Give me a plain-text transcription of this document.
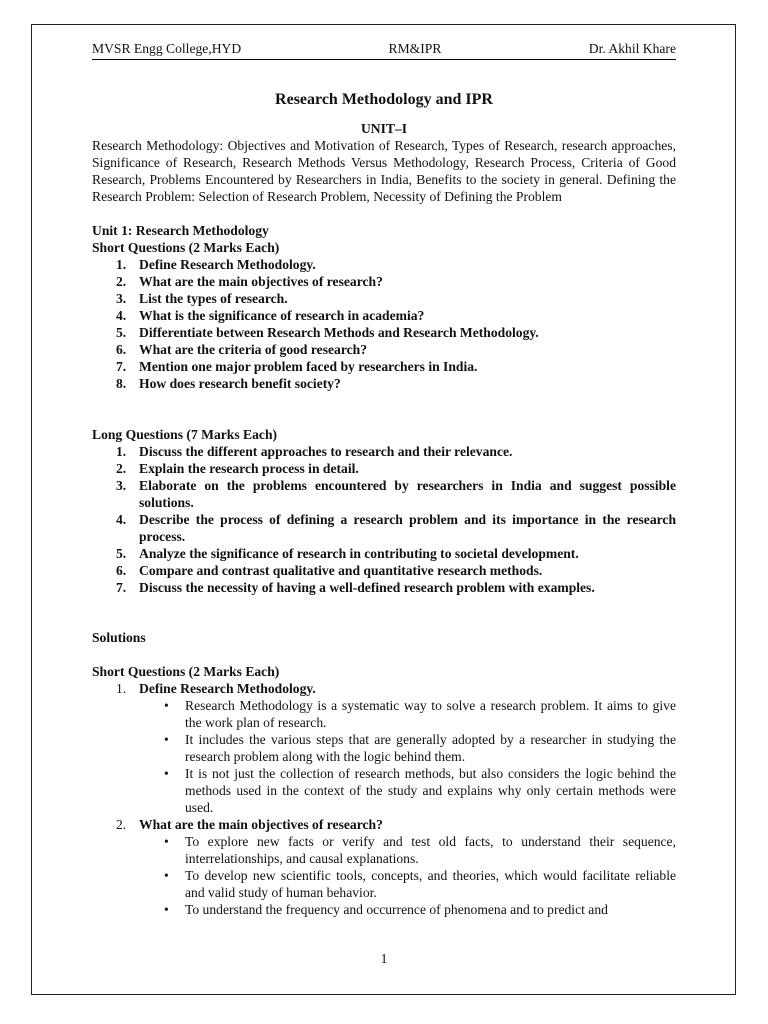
MVSR Engg College,HYD	RM&IPR	Dr. Akhil Khare
Research Methodology and IPR
UNIT–I
Research Methodology: Objectives and Motivation of Research, Types of Research, research approaches, Significance of Research, Research Methods Versus Methodology, Research Process, Criteria of Good Research, Problems Encountered by Researchers in India, Benefits to the society in general. Defining the Research Problem: Selection of Research Problem, Necessity of Defining the Problem
Unit 1: Research Methodology
Short Questions (2 Marks Each)
1. Define Research Methodology.
2. What are the main objectives of research?
3. List the types of research.
4. What is the significance of research in academia?
5. Differentiate between Research Methods and Research Methodology.
6. What are the criteria of good research?
7. Mention one major problem faced by researchers in India.
8. How does research benefit society?
Long Questions (7 Marks Each)
1. Discuss the different approaches to research and their relevance.
2. Explain the research process in detail.
3. Elaborate on the problems encountered by researchers in India and suggest possible solutions.
4. Describe the process of defining a research problem and its importance in the research process.
5. Analyze the significance of research in contributing to societal development.
6. Compare and contrast qualitative and quantitative research methods.
7. Discuss the necessity of having a well-defined research problem with examples.
Solutions
Short Questions (2 Marks Each)
1. Define Research Methodology.
• Research Methodology is a systematic way to solve a research problem. It aims to give the work plan of research.
• It includes the various steps that are generally adopted by a researcher in studying the research problem along with the logic behind them.
• It is not just the collection of research methods, but also considers the logic behind the methods used in the context of the study and explains why only certain methods were used.
2. What are the main objectives of research?
• To explore new facts or verify and test old facts, to understand their sequence, interrelationships, and causal explanations.
• To develop new scientific tools, concepts, and theories, which would facilitate reliable and valid study of human behavior.
• To understand the frequency and occurrence of phenomena and to predict and
1
